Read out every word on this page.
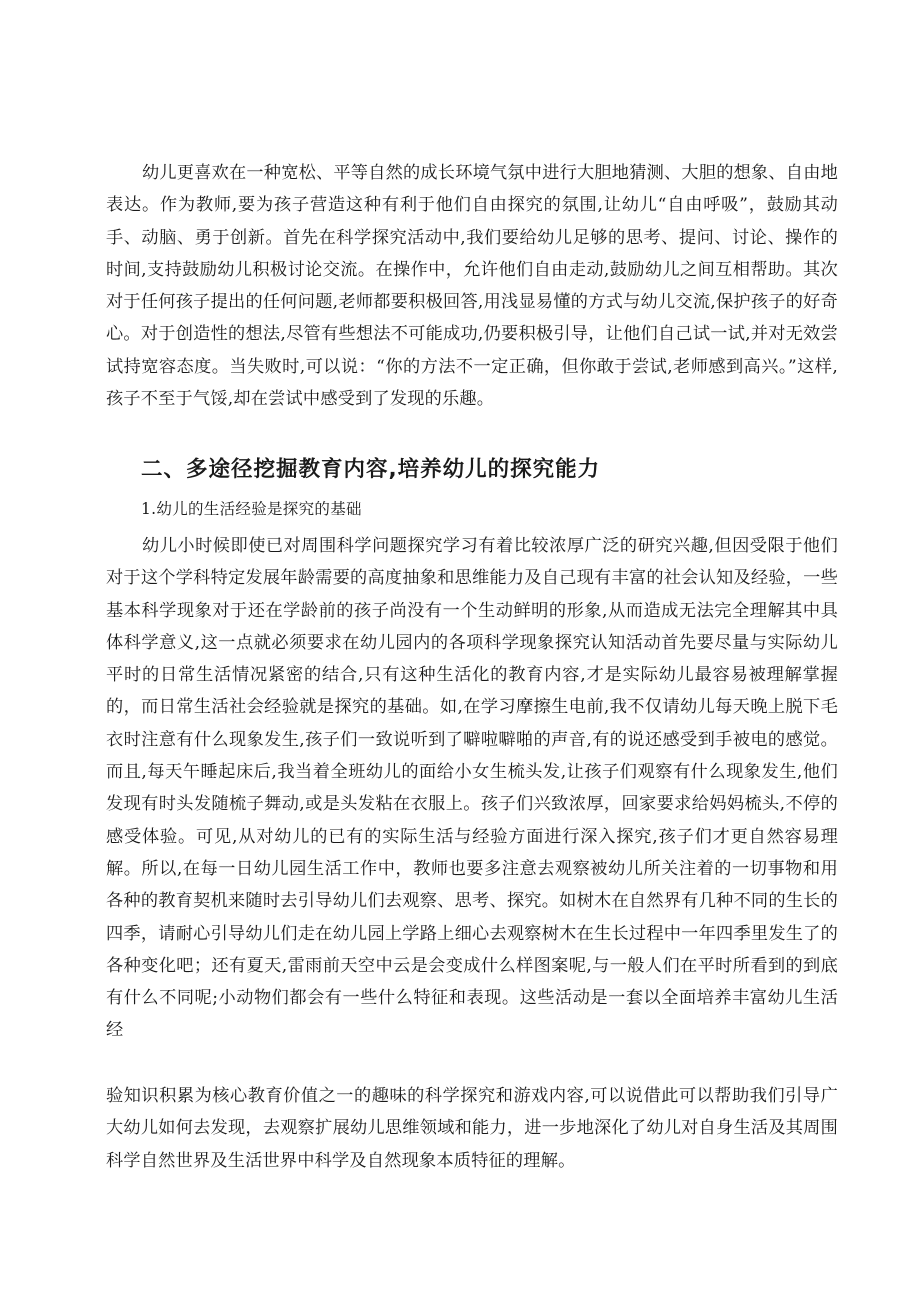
幼儿更喜欢在一种宽松、平等自然的成长环境气氛中进行大胆地猜测、大胆的想象、自由地表达。作为教师,要为孩子营造这种有利于他们自由探究的氛围,让幼儿“自由呼吸”，鼓励其动手、动脑、勇于创新。首先在科学探究活动中,我们要给幼儿足够的思考、提问、讨论、操作的时间,支持鼓励幼儿积极讨论交流。在操作中，允许他们自由走动,鼓励幼儿之间互相帮助。其次对于任何孩子提出的任何问题,老师都要积极回答,用浅显易懂的方式与幼儿交流,保护孩子的好奇心。对于创造性的想法,尽管有些想法不可能成功,仍要积极引导，让他们自己试一试,并对无效尝试持宽容态度。当失败时,可以说：“你的方法不一定正确，但你敢于尝试,老师感到高兴。”这样,孩子不至于气馁,却在尝试中感受到了发现的乐趣。

二、多途径挖掘教育内容,培养幼儿的探究能力

1.幼儿的生活经验是探究的基础

幼儿小时候即使已对周围科学问题探究学习有着比较浓厚广泛的研究兴趣,但因受限于他们对于这个学科特定发展年龄需要的高度抽象和思维能力及自己现有丰富的社会认知及经验，一些基本科学现象对于还在学龄前的孩子尚没有一个生动鲜明的形象,从而造成无法完全理解其中具体科学意义,这一点就必须要求在幼儿园内的各项科学现象探究认知活动首先要尽量与实际幼儿平时的日常生活情况紧密的结合,只有这种生活化的教育内容,才是实际幼儿最容易被理解掌握的，而日常生活社会经验就是探究的基础。如,在学习摩擦生电前,我不仅请幼儿每天晚上脱下毛衣时注意有什么现象发生,孩子们一致说听到了噼啦噼啪的声音,有的说还感受到手被电的感觉。而且,每天午睡起床后,我当着全班幼儿的面给小女生梳头发,让孩子们观察有什么现象发生,他们发现有时头发随梳子舞动,或是头发粘在衣服上。孩子们兴致浓厚，回家要求给妈妈梳头,不停的感受体验。可见,从对幼儿的已有的实际生活与经验方面进行深入探究,孩子们才更自然容易理解。所以,在每一日幼儿园生活工作中，教师也要多注意去观察被幼儿所关注着的一切事物和用各种的教育契机来随时去引导幼儿们去观察、思考、探究。如树木在自然界有几种不同的生长的四季，请耐心引导幼儿们走在幼儿园上学路上细心去观察树木在生长过程中一年四季里发生了的各种变化吧；还有夏天,雷雨前天空中云是会变成什么样图案呢,与一般人们在平时所看到的到底有什么不同呢;小动物们都会有一些什么特征和表现。这些活动是一套以全面培养丰富幼儿生活经

验知识积累为核心教育价值之一的趣味的科学探究和游戏内容,可以说借此可以帮助我们引导广大幼儿如何去发现，去观察扩展幼儿思维领域和能力，进一步地深化了幼儿对自身生活及其周围科学自然世界及生活世界中科学及自然现象本质特征的理解。
